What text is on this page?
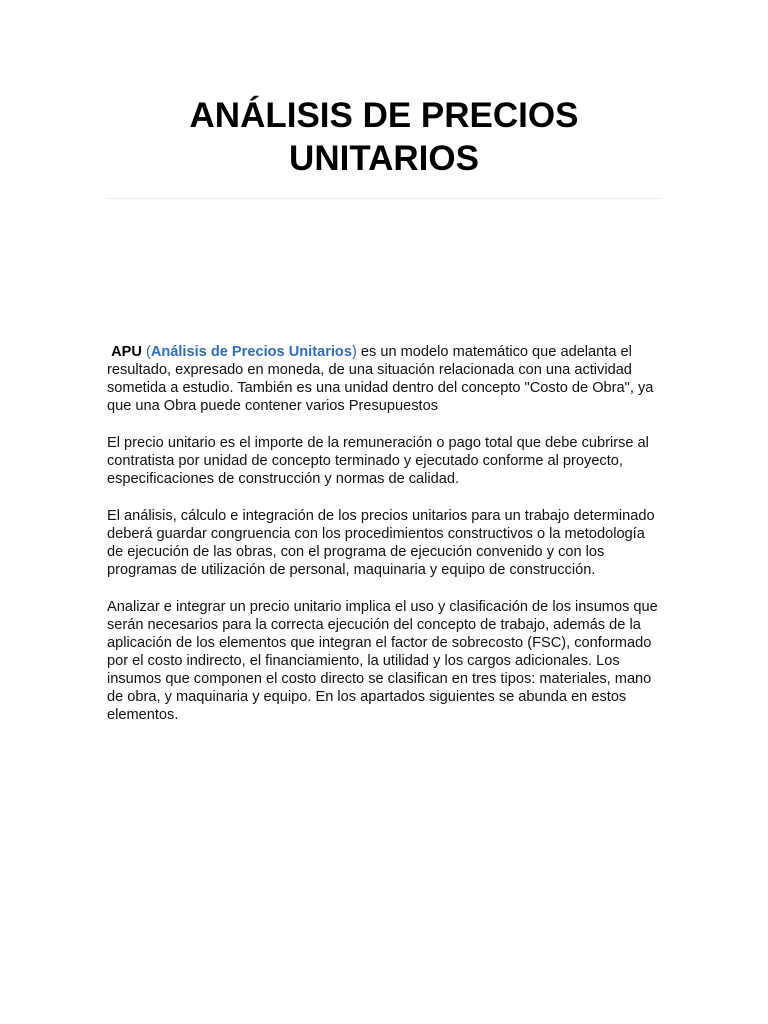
ANÁLISIS DE PRECIOS
UNITARIOS

APU (Análisis de Precios Unitarios) es un modelo matemático que adelanta el resultado, expresado en moneda, de una situación relacionada con una actividad sometida a estudio. También es una unidad dentro del concepto "Costo de Obra", ya que una Obra puede contener varios Presupuestos

El precio unitario es el importe de la remuneración o pago total que debe cubrirse al contratista por unidad de concepto terminado y ejecutado conforme al proyecto, especificaciones de construcción y normas de calidad.

El análisis, cálculo e integración de los precios unitarios para un trabajo determinado deberá guardar congruencia con los procedimientos constructivos o la metodología de ejecución de las obras, con el programa de ejecución convenido y con los programas de utilización de personal, maquinaria y equipo de construcción.

Analizar e integrar un precio unitario implica el uso y clasificación de los insumos que serán necesarios para la correcta ejecución del concepto de trabajo, además de la aplicación de los elementos que integran el factor de sobrecosto (FSC), conformado por el costo indirecto, el financiamiento, la utilidad y los cargos adicionales. Los insumos que componen el costo directo se clasifican en tres tipos: materiales, mano de obra, y maquinaria y equipo. En los apartados siguientes se abunda en estos elementos.
